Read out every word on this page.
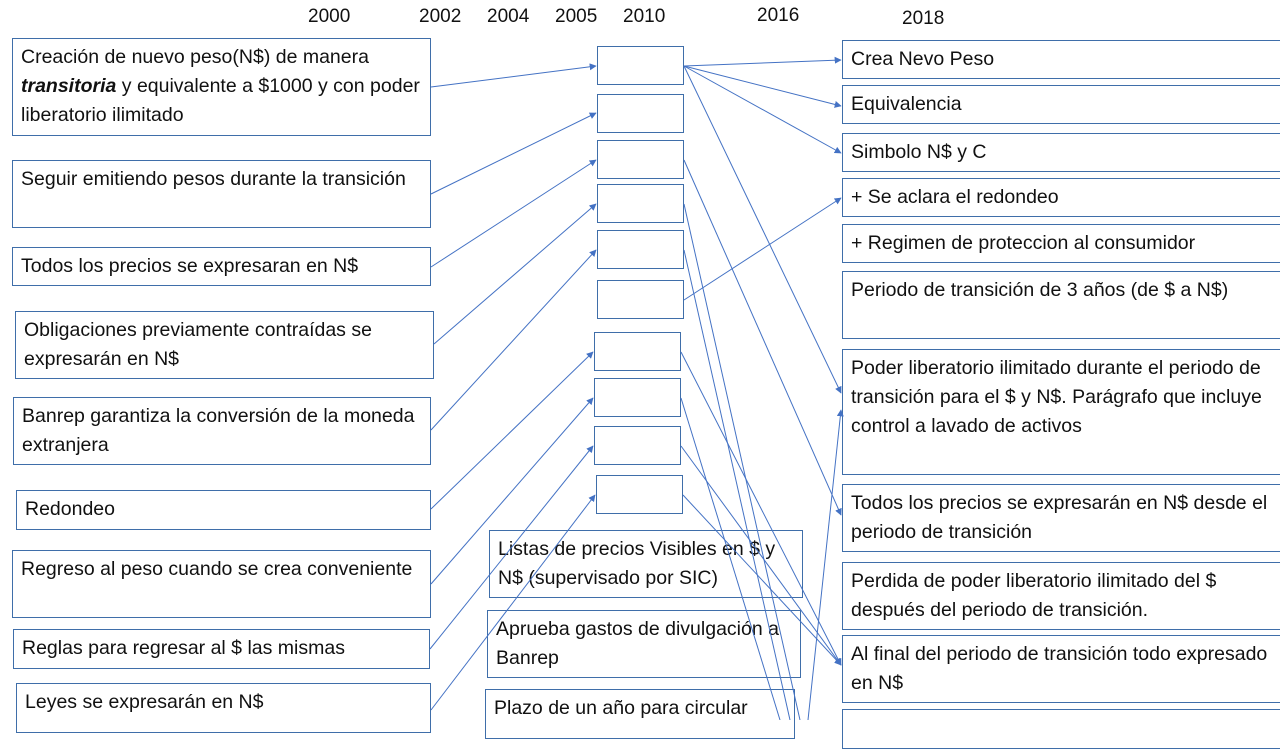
2000	2002 2004 2005 2010	2016	2018
Creación de nuevo peso(N$) de manera transitoria y equivalente a $1000 y con poder liberatorio ilimitado
Seguir emitiendo pesos durante la transición
Todos los precios se expresaran en N$
Obligaciones previamente contraídas se expresarán en N$
Banrep garantiza la conversión de la moneda extranjera
Redondeo
Regreso al peso cuando se crea conveniente
Reglas para regresar al $ las mismas
Leyes se expresarán en N$
Listas de precios Visibles en $ y N$ (supervisado por SIC)
Aprueba gastos de divulgación a Banrep
Plazo de un año para circular
Crea Nevo Peso
Equivalencia
Simbolo N$ y C
+ Se aclara el redondeo
+ Regimen de proteccion al consumidor
Periodo de transición de 3 años (de $ a N$)
Poder liberatorio ilimitado durante el periodo de transición para el $ y N$. Parágrafo que incluye control a lavado de activos
Todos los precios se expresarán en N$ desde el periodo de transición
Perdida de poder liberatorio ilimitado del $ después del periodo de transición.
Al final del periodo de transición todo expresado en N$
